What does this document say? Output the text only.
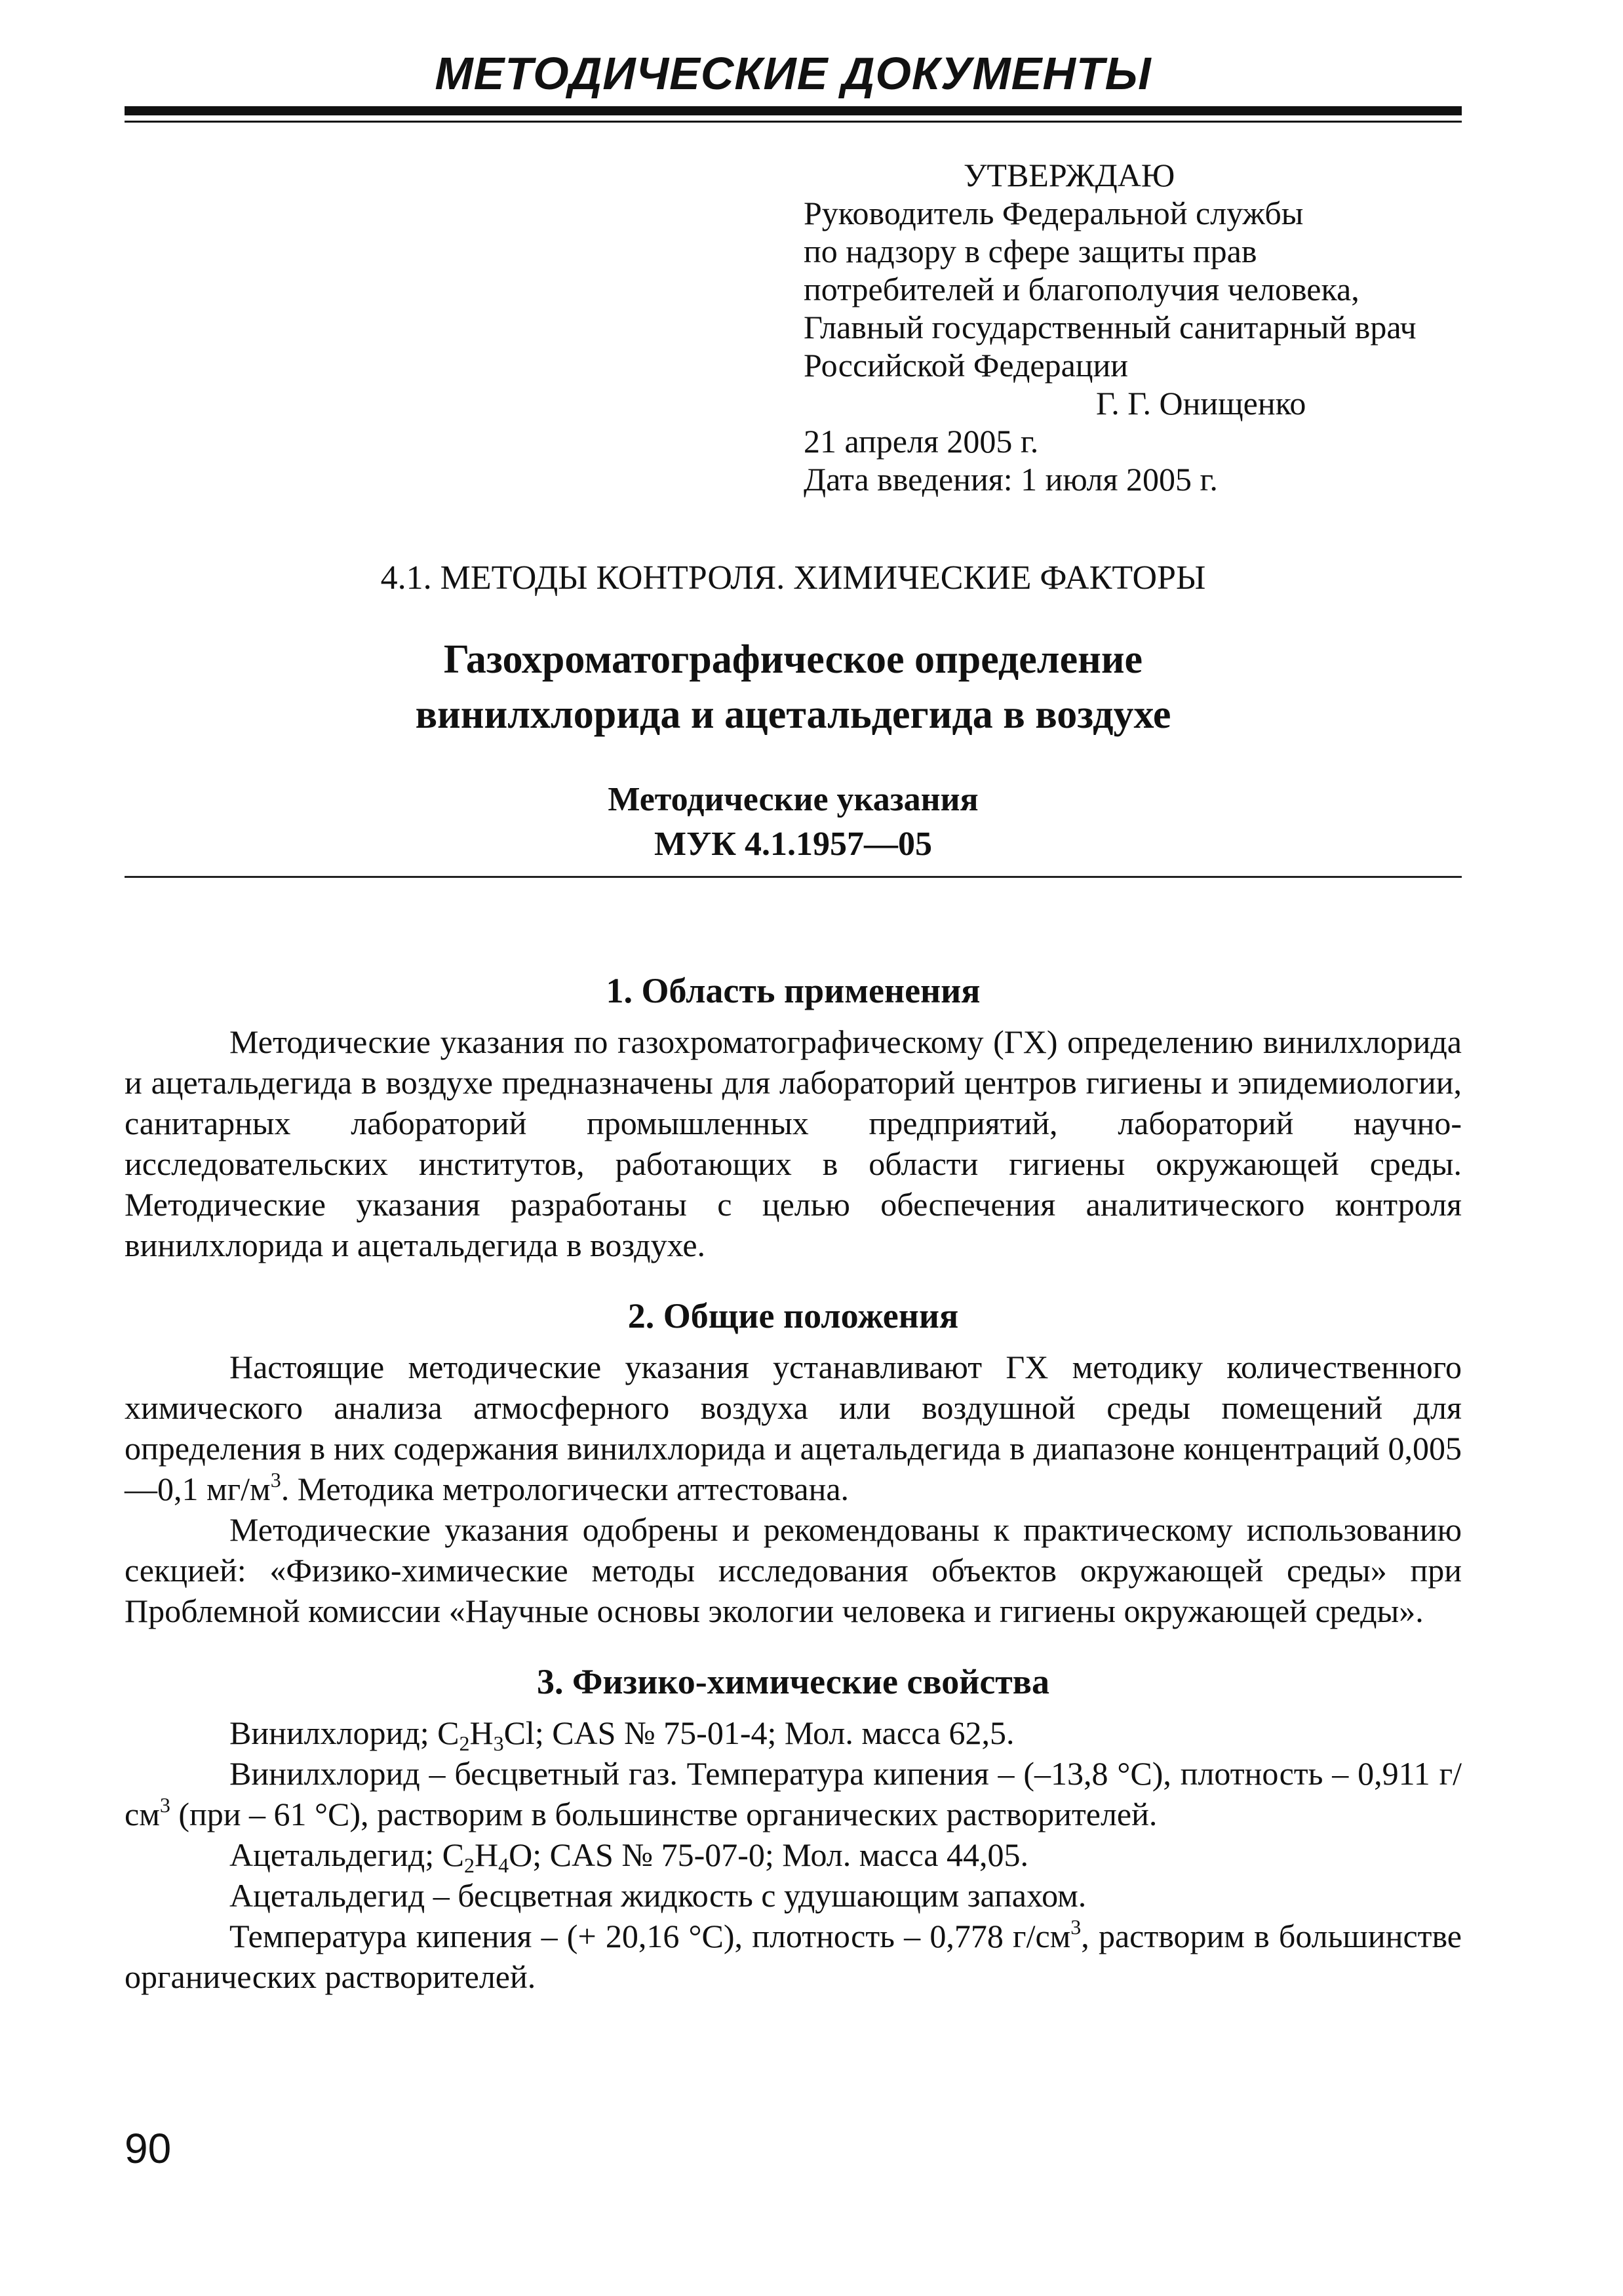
МЕТОДИЧЕСКИЕ ДОКУМЕНТЫ
УТВЕРЖДАЮ
Руководитель Федеральной службы
по надзору в сфере защиты прав
потребителей и благополучия человека,
Главный государственный санитарный врач
Российской Федерации
Г. Г. Онищенко
21 апреля 2005 г.
Дата введения: 1 июля 2005 г.
4.1. МЕТОДЫ КОНТРОЛЯ. ХИМИЧЕСКИЕ ФАКТОРЫ
Газохроматографическое определение
винилхлорида и ацетальдегида в воздухе
Методические указания
МУК 4.1.1957—05
1. Область применения

Методические указания по газохроматографическому (ГХ) определению винилхлорида и ацетальдегида в воздухе предназначены для лабораторий центров гигиены и эпидемиологии, санитарных лабораторий промышленных предприятий, лабораторий научно-исследовательских институтов, работающих в области гигиены окружающей среды. Методические указания разработаны с целью обеспечения аналитического контроля винилхлорида и ацетальдегида в воздухе.

2. Общие положения

Настоящие методические указания устанавливают ГХ методику количественного химического анализа атмосферного воздуха или воздушной среды помещений для определения в них содержания винилхлорида и ацетальдегида в диапазоне концентраций 0,005—0,1 $мг/м^3$. Методика метрологически аттестована.

Методические указания одобрены и рекомендованы к практическому использованию секцией: «Физико-химические методы исследования объектов окружающей среды» при Проблемной комиссии «Научные основы экологии человека и гигиены окружающей среды».

3. Физико-химические свойства

Винилхлорид; $C_2H_3Cl$; CAS № 75-01-4; Мол. масса 62,5.

Винилхлорид – бесцветный газ. Температура кипения – (–13,8 °С), плотность – 0,911 $г/см^3$ (при – 61 °С), растворим в большинстве органических растворителей.

Ацетальдегид; $C_2H_4O$; CAS № 75-07-0; Мол. масса 44,05.

Ацетальдегид – бесцветная жидкость с удушающим запахом.

Температура кипения – (+ 20,16 °С), плотность – 0,778 $г/см^3$, растворим в большинстве органических растворителей.

90
